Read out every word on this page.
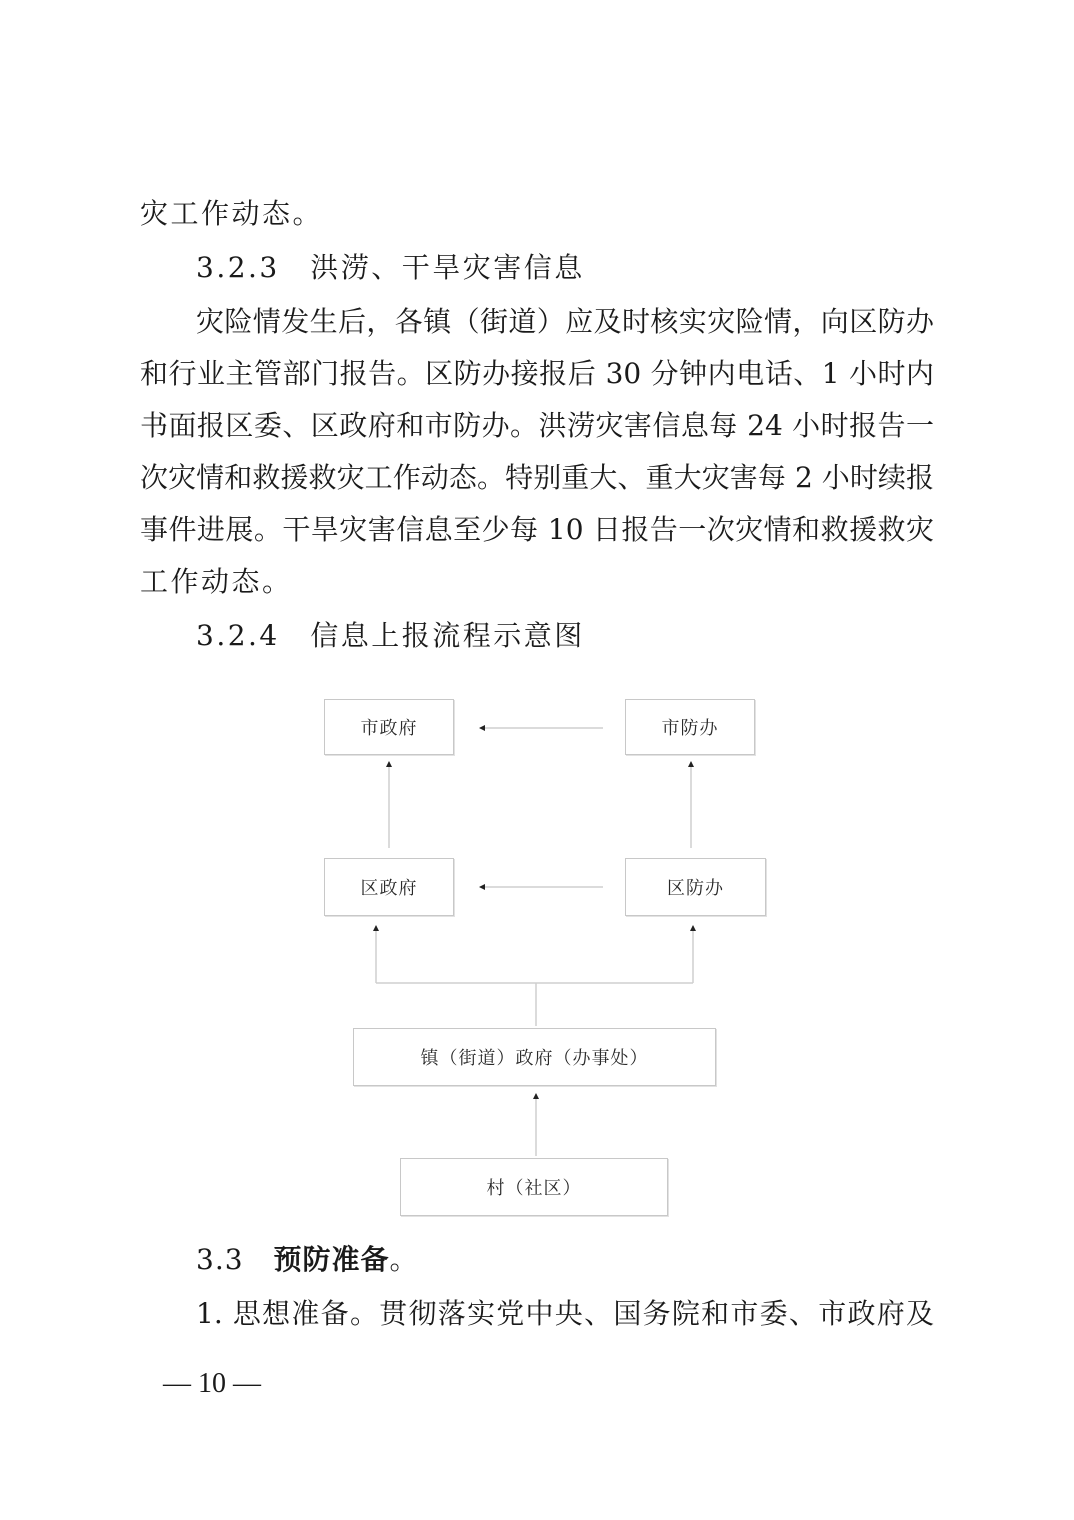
灾工作动态。
3.2.3　洪涝、干旱灾害信息
灾险情发生后，各镇（街道）应及时核实灾险情，向区防办
和行业主管部门报告。区防办接报后 30 分钟内电话、1 小时内
书面报区委、区政府和市防办。洪涝灾害信息每 24 小时报告一
次灾情和救援救灾工作动态。特别重大、重大灾害每 2 小时续报
事件进展。干旱灾害信息至少每 10 日报告一次灾情和救援救灾
工作动态。
3.2.4　信息上报流程示意图
市政府	市防办
区政府	区防办
镇（街道）政府（办事处）
村（社区）
3.3 预防准备。
1. 思想准备。贯彻落实党中央、国务院和市委、市政府及
— 10 —
